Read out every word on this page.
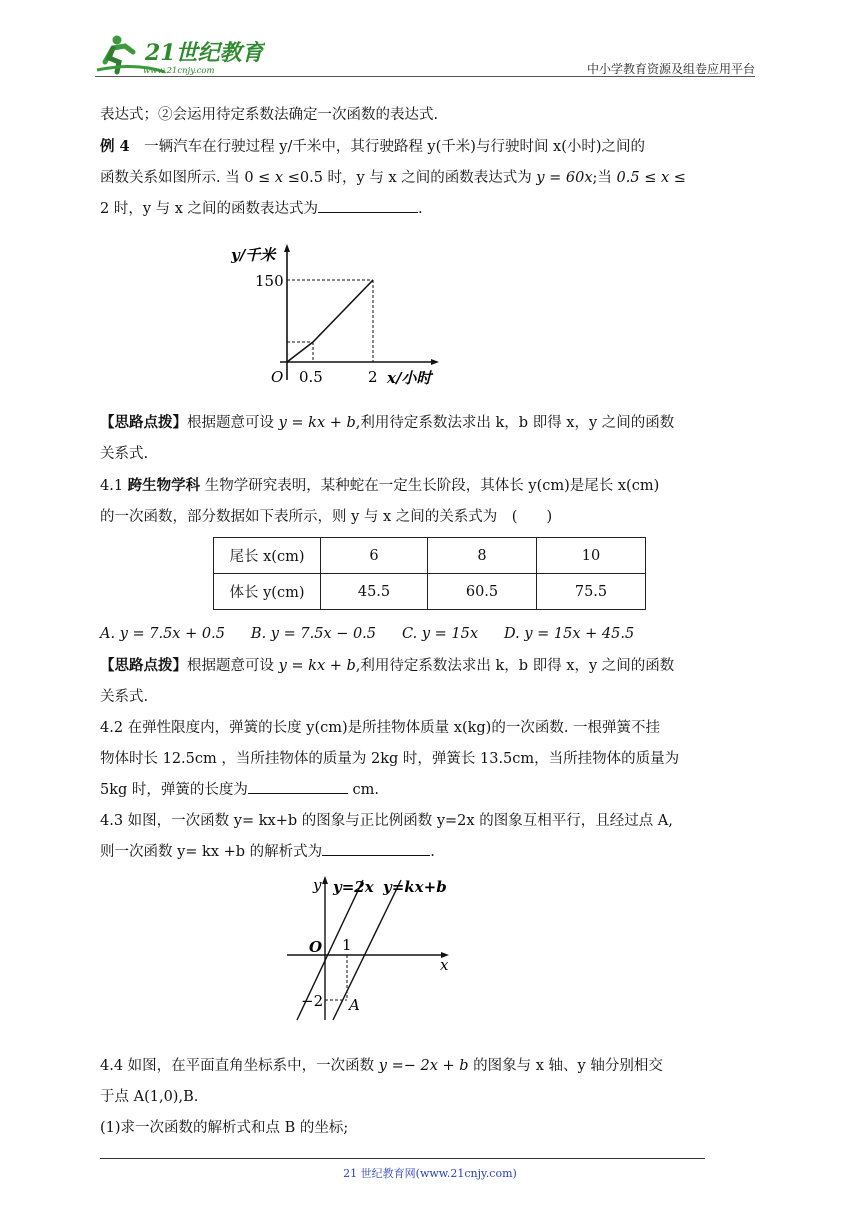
21世纪教育
www.21cnjy.com	中小学教育资源及组卷应用平台

表达式；②会运用待定系数法确定一次函数的表达式.

例 4　 一辆汽车在行驶过程 y/千米中，其行驶路程 y(千米)与行驶时间 x(小时)之间的

函数关系如图所示. 当 0 ≤ x ≤0.5 时，y 与 x 之间的函数表达式为 y = 60x;当 0.5 ≤ x ≤

2 时，y 与 x 之间的函数表达式为	.

【思路点拨】根据题意可设 y = kx + b,利用待定系数法求出 k，b 即得 x，y 之间的函数

关系式.

4.1 跨生物学科 生物学研究表明，某种蛇在一定生长阶段，其体长 y(cm)是尾长 x(cm)

的一次函数，部分数据如下表所示，则 y 与 x 之间的关系式为　(　　)

A. y = 7.5x + 0.5 B. y = 7.5x − 0.5 C. y = 15x D. y = 15x + 45.5

【思路点拨】根据题意可设 y = kx + b,利用待定系数法求出 k，b 即得 x，y 之间的函数

关系式.

4.2 在弹性限度内，弹簧的长度 y(cm)是所挂物体质量 x(kg)的一次函数. 一根弹簧不挂

物体时长 12.5cm ，当所挂物体的质量为 2kg 时，弹簧长 13.5cm，当所挂物体的质量为

5kg 时，弹簧的长度为	cm.

4.3 如图，一次函数 y= kx+b 的图象与正比例函数 y=2x 的图象互相平行，且经过点 A,

则一次函数 y= kx +b 的解析式为	.

4.4 如图，在平面直角坐标系中，一次函数 y =− 2x + b 的图象与 x 轴、y 轴分别相交

于点 A(1,0),B.

(1)求一次函数的解析式和点 B 的坐标;

y/千米
150
O 0.5	2 x/小时
尾长 x(cm)	6	8	10
体长 y(cm)	45.5	60.5	75.5
y y=2x y=kx+b
O 1
x
−2 A
21 世纪教育网(www.21cnjy.com)
